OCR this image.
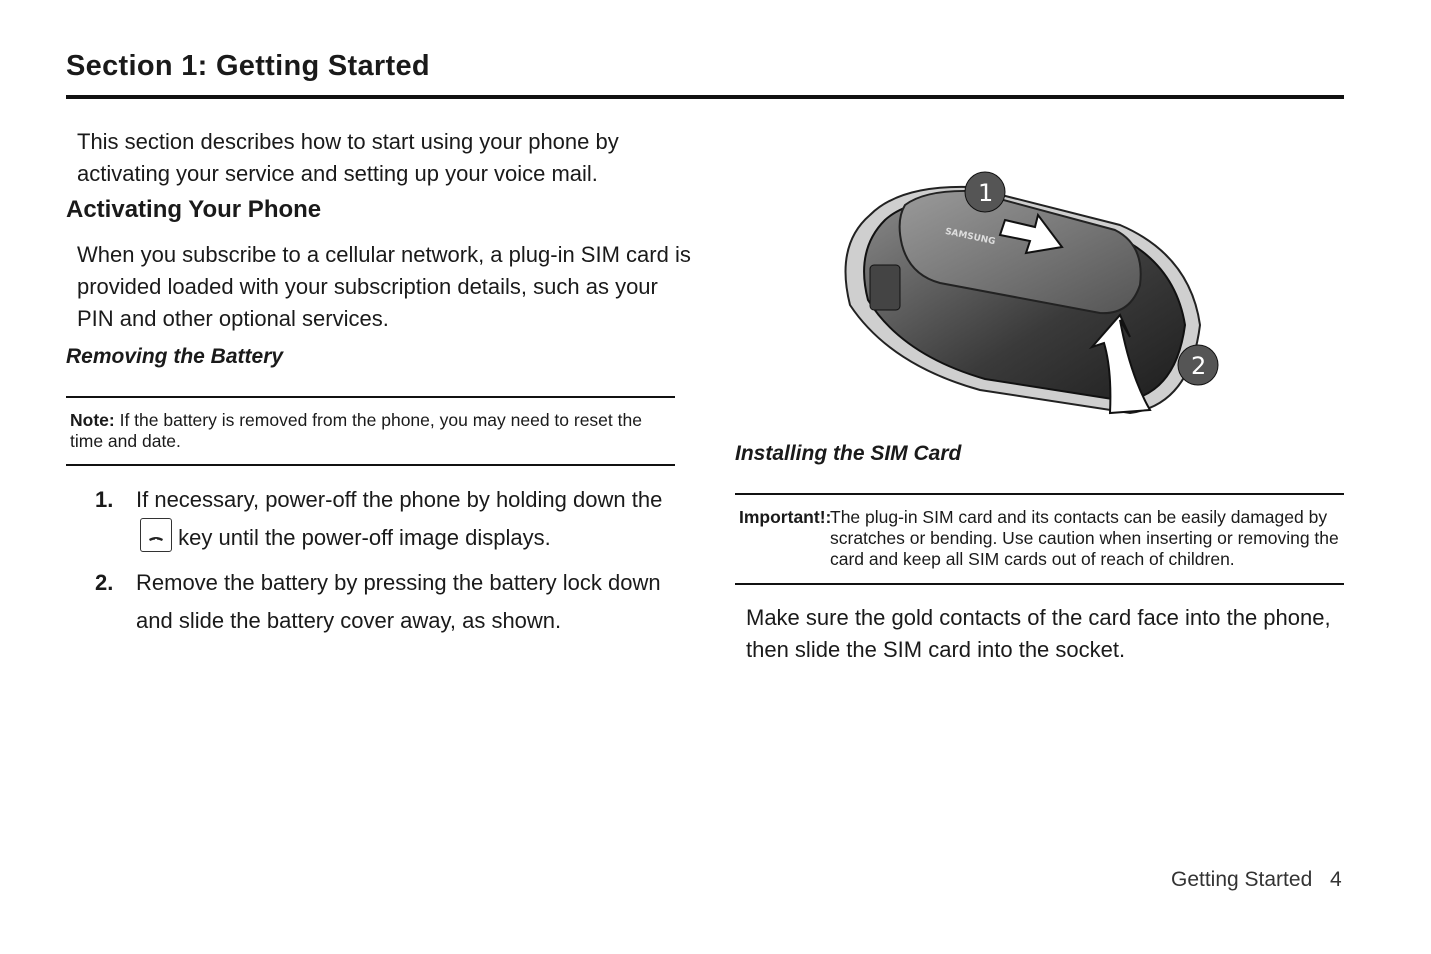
Section 1: Getting Started
This section describes how to start using your phone by activating your service and setting up your voice mail.
Activating Your Phone
When you subscribe to a cellular network, a plug-in SIM card is provided loaded with your subscription details, such as your PIN and other optional services.
Removing the Battery
Note: If the battery is removed from the phone, you may need to reset the time and date.
1. If necessary, power-off the phone by holding down the  key until the power-off image displays.
2. Remove the battery by pressing the battery lock down and slide the battery cover away, as shown.
SAMSUNG
1
2
Installing the SIM Card
Important!:
The plug-in SIM card and its contacts can be easily damaged by scratches or bending. Use caution when inserting or removing the card and keep all SIM cards out of reach of children.
Make sure the gold contacts of the card face into the phone, then slide the SIM card into the socket.
Getting Started 4
